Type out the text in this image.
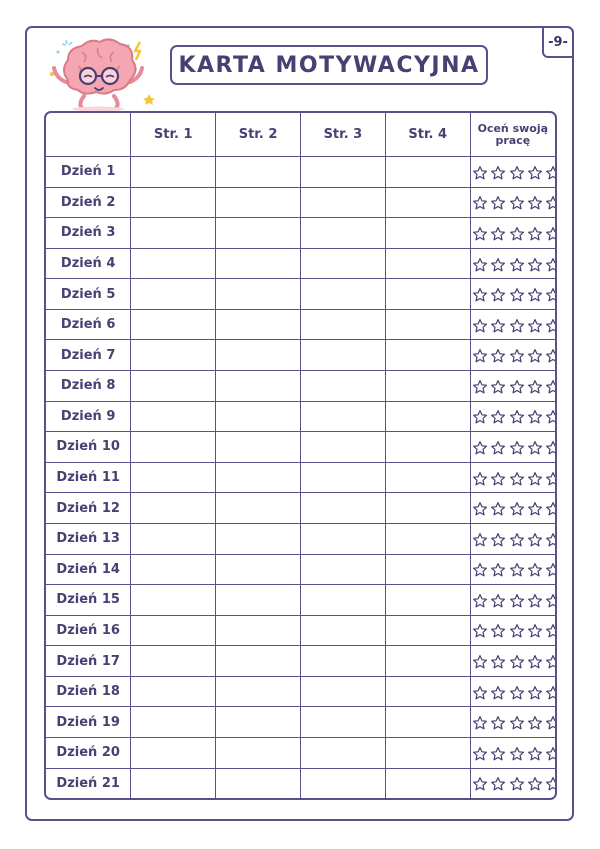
-9-
KARTA MOTYWACYJNA
	Str. 1	Str. 2	Str. 3	Str. 4	Oceń swoją pracę
Dzień 1					
Dzień 2					
Dzień 3					
Dzień 4					
Dzień 5					
Dzień 6					
Dzień 7					
Dzień 8					
Dzień 9					
Dzień 10					
Dzień 11					
Dzień 12					
Dzień 13					
Dzień 14					
Dzień 15					
Dzień 16					
Dzień 17					
Dzień 18					
Dzień 19					
Dzień 20					
Dzień 21					
